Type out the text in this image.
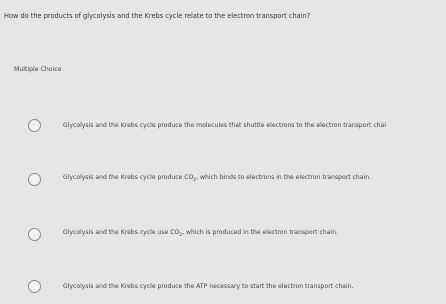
How do the products of glycolysis and the Krebs cycle relate to the electron transport chain?
Multiple Choice
Glycolysis and the Krebs cycle produce the molecules that shuttle electrons to the electron transport chai
Glycolysis and the Krebs cycle produce $CO_2$, which binds to electrons in the electron transport chain.
Glycolysis and the Krebs cycle use $CO_2$, which is produced in the electron transport chain.
Glycolysis and the Krebs cycle produce the ATP necessary to start the electron transport chain.
